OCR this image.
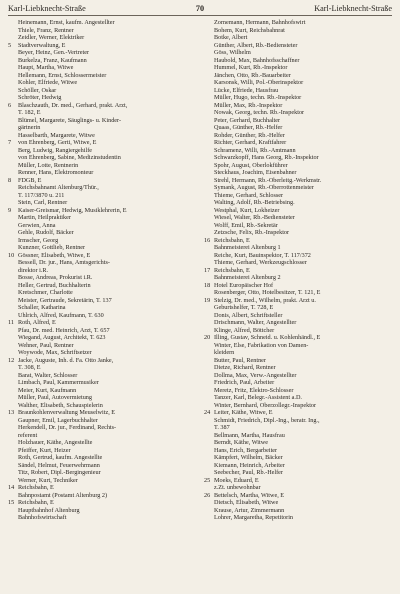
Karl-Liebknecht-Straße	70	Karl-Liebknecht-Straße
Heinemann, Ernst, kaufm. Angestellter
Thiele, Franz, Rentner
Zeidler, Werner, Elektriker
5	Stadtverwaltung, E
Beyer, Heinz, Gen.-Vertreter
Burkelza, Franz, Kaufmann
Haupt, Martha, Witwe
Hellemann, Ernst, Schlossermeister
Kohler, Elfriede, Witwe
Schöller, Oskar
Schröter, Hedwig
6	Blaschzauth, Dr. med., Gerhard, prakt. Arzt,
T. 182, E
Blümel, Margarete, Säuglings- u. Kinder-
gärtnerin
Hasselbarth, Margarete, Witwe
7	von Ehrenberg, Gerti, Witwe, E
Berg, Ludwig, Rangiergehilfe
von Ehrenberg, Sabine, Medizinstudentin
Müller, Lotte, Rentnerin
Renner, Hans, Elektromonteur
8	FDGB, E
Reichsbahnamt Altenburg/Thür.,
T. 117/3870 u. 211
Stein, Carl, Rentner
9	Kaiser-Greismar, Hedwig, Musiklehrerin, E
Martin, Heilpraktiker
Gerwien, Anna
Gehle, Rudolf, Bäcker
Irmscher, Georg
Kunzner, Gottlieb, Rentner
10 Gössner, Elisabeth, Witwe, E
Bessell, Dr. jur., Hans, Amtsgerichts-
direktor i.R.
Bosse, Andreas, Prokurist i.R.
Heller, Gertrud, Buchhalterin
Kretschmer, Charlotte
Meister, Gertraude, Sekretärin, T. 137
Schaller, Katharina
Uhlrich, Alfred, Kaufmann, T. 630
11 Roth, Alfred, E
Pfau, Dr. med. Heinrich, Arzt, T. 657
Wiegand, August, Architekt, T. 623
Wehner, Paul, Rentner
Woywode, Max, Schriftsetzer
12 Jacke, Auguste, Inh. d. Fa. Otto Janke,
T. 308, E
Barat, Walter, Schlosser
Limbach, Paul, Kammermusiker
Meier, Kurt, Kaufmann
Müller, Paul, Autovermietung
Walther, Elisabeth, Schauspielerin
13 Braunkohlenverwaltung Meuselwitz, E
Gaupner, Emil, Lagerbuchhalter
Herkendell, Dr. jur., Ferdinand, Rechts-
referent
Holzhauer, Käthe, Angestellte
Pfeiffer, Kurt, Heizer
Roth, Gertrud, kaufm. Angestellte
Sändel, Helmut, Feuerwehrmann
Titz, Robert, Dipl.-Bergingenieur
Werner, Kurt, Techniker
14 Reichsbahn, E
Bahnpostamt (Postamt Altenburg 2)
15 Reichsbahn, E
Hauptbahnhof Altenburg
Bahnhofswirtschaft
Zornemann, Hermann, Bahnhofswirt
Bohem, Kurt, Reichsbahnrat
Botke, Albert
Günther, Albert, Rb.-Bediensteter
Göss, Wilhelm
Haubold, Max, Bahnhofsschaffner
Hummel, Kurt, Rb.-Inspektor
Jänchen, Otto, Rb.-Bauarbeiter
Karsonsk, Willi, Pol.-Oberinspektor
Lücke, Elfriede, Hausfrau
Müller, Hugo, techn. Rb.-Inspektor
Müller, Max, Rb.-Inspektor
Nowak, Georg, techn. Rb.-Inspektor
Peter, Gerhard, Buchhalter
Quaas, Günther, Rb.-Helfer
Rohder, Günther, Rb.-Helfer
Richter, Gerhard, Kraftfahrer
Schramenz, Willi, Rb.-Amtmann
Schwarzkopff, Hans Georg, Rb.-Inspektor
Spohr, August, Oberlokführer
Steckhaus, Joachim, Eisenbahner
Strehl, Hermann, Rb.-Oberleitg.-Werkmstr.
Symank, August, Rb.-Oberrottenmeister
Thieme, Gerhard, Schlosser
Walting, Adolf, Rb.-Betriebsing.
Westphal, Kurt, Lokheizer
Wiesel, Walter, Rb.-Bediensteter
Wolff, Emil, Rb.-Sekretär
Zetzsche, Felix, Rb.-Inspektor
16 Reichsbahn, E
Bahnmeisterei Altenburg 1
Reiche, Kurt, Bauinspektor, T. 117/372
Thieme, Gerhard, Werkzeugschlosser
17 Reichsbahn, E
Bahnmeisterei Altenburg 2
18 Hotel Europäischer Hof
Rosenberger, Otto, Hotelbesitzer, T. 121, E
19 Stelzig, Dr. med., Wilhelm, prakt. Arzt u.
Geburtshelfer, T. 728, E
Donis, Albert, Schriftsteller
Drischmann, Walter, Angestellter
Klinge, Alfred, Böttcher
20 Illing, Gustav, Schneid. u. Kohlenhändl., E
Winter, Else, Fabrikation von Damen-
kleidern
Butter, Paul, Rentner
Dietze, Richard, Rentner
Dollma, Max, Verw.-Angestellter
Friedrich, Paul, Arbeiter
Meretz, Fritz, Elektro-Schlosser
Tanzer, Karl, Belegr.-Assistent a.D.
Winter, Bernhard, Oberzollegr.-Inspektor
24 Leiter, Käthe, Witwe, E
Schmidt, Friedrich, Dipl.-Ing., beratr. Ing.,
T. 387
Bellmann, Martha, Hausfrau
Berndt, Käthe, Witwe
Hans, Erich, Bergarbeiter
Kämpfert, Wilhelm, Bäcker
Kiemann, Heinrich, Arbeiter
Seebecher, Paul, Rb.-Helfer
25 Moeks, Eduard, E
z.Zt. unbewohnbar
26 Bettelsch, Martha, Witwe, E
Dietsch, Elisabeth, Witwe
Krause, Artur, Zimmermann
Lohrer, Margaretha, Repetitorin
